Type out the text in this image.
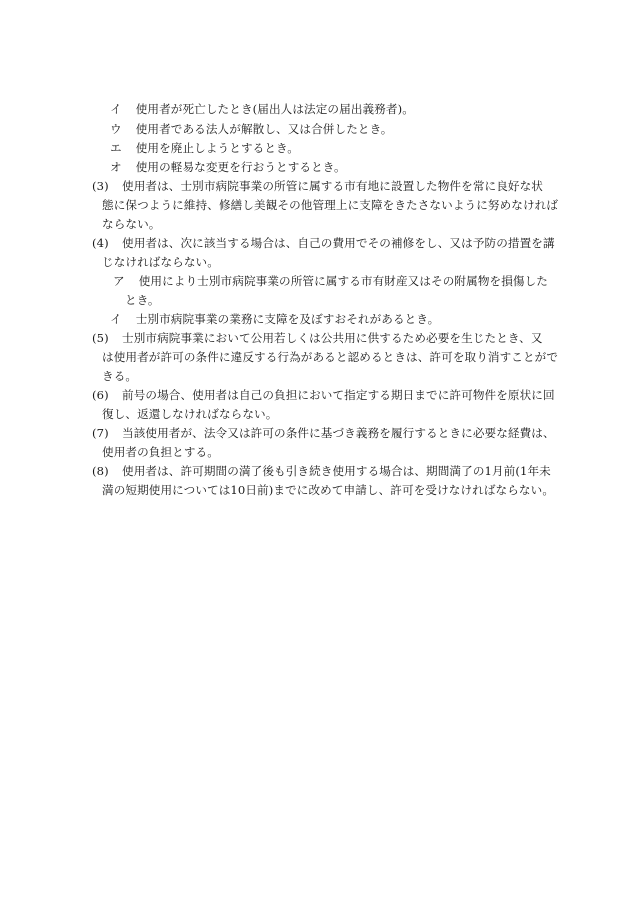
イ 使用者が死亡したとき(届出人は法定の届出義務者)。
ウ 使用者である法人が解散し、又は合併したとき。
エ 使用を廃止しようとするとき。
オ 使用の軽易な変更を行おうとするとき。
(3) 使用者は、士別市病院事業の所管に属する市有地に設置した物件を常に良好な状
態に保つように維持、修繕し美観その他管理上に支障をきたさないように努めなければ
ならない。
(4) 使用者は、次に該当する場合は、自己の費用でその補修をし、又は予防の措置を講
じなければならない。
ア 使用により士別市病院事業の所管に属する市有財産又はその附属物を損傷した
とき。
イ 士別市病院事業の業務に支障を及ぼすおそれがあるとき。
(5) 士別市病院事業において公用若しくは公共用に供するため必要を生じたとき、又
は使用者が許可の条件に違反する行為があると認めるときは、許可を取り消すことがで
きる。
(6) 前号の場合、使用者は自己の負担において指定する期日までに許可物件を原状に回
復し、返還しなければならない。
(7) 当該使用者が、法令又は許可の条件に基づき義務を履行するときに必要な経費は、
使用者の負担とする。
(8) 使用者は、許可期間の満了後も引き続き使用する場合は、期間満了の1月前(1年未
満の短期使用については10日前)までに改めて申請し、許可を受けなければならない。
